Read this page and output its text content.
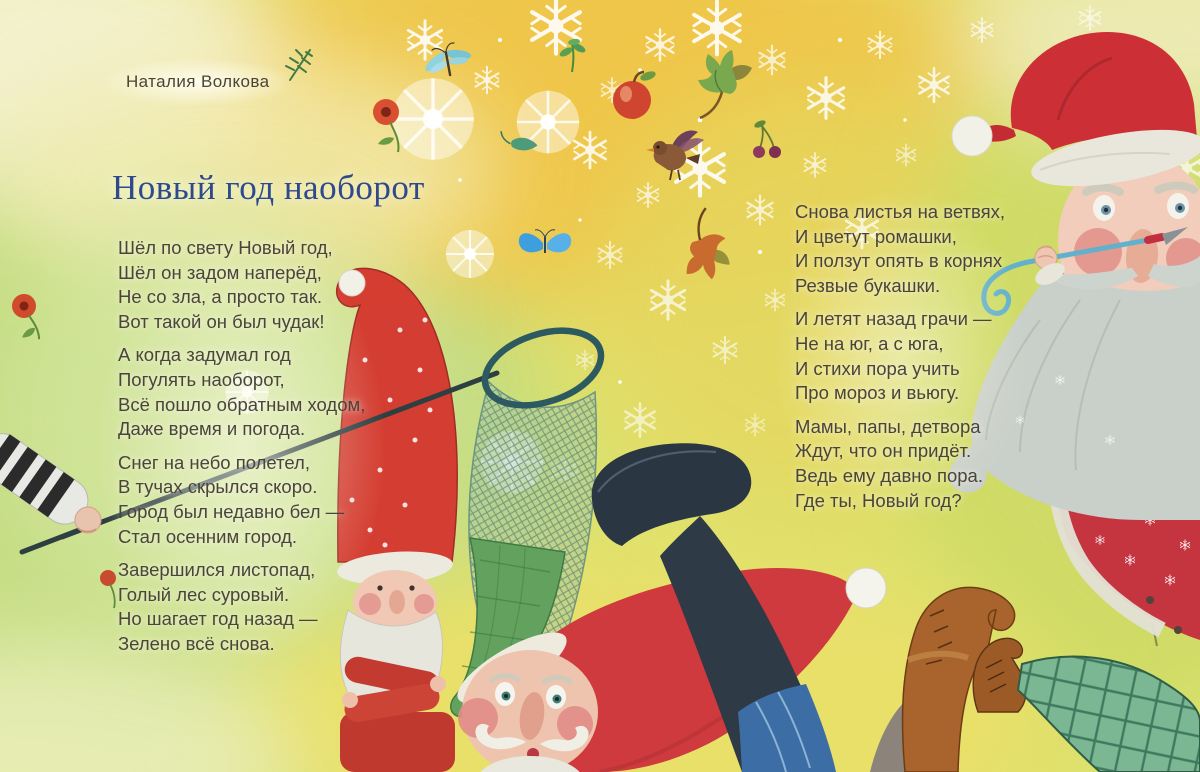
Наталия Волкова
Новый год наоборот
Шёл по свету Новый год,
Шёл он задом наперёд,
Не со зла, а просто так.
Вот такой он был чудак!
А когда задумал год
Погулять наоборот,
Всё пошло обратным ходом,
Даже время и погода.
Снег на небо полетел,
В тучах скрылся скоро.
Город был недавно бел —
Стал осенним город.
Завершился листопад,
Голый лес суровый.
Но шагает год назад —
Зелено всё снова.
Снова листья на ветвях,
И цветут ромашки,
И ползут опять в корнях
Резвые букашки.
И летят назад грачи —
Не на юг, а с юга,
И стихи пора учить
Про мороз и вьюгу.
Мамы, папы, детвора
Ждут, что он придёт.
Ведь ему давно пора.
Где ты, Новый год?
